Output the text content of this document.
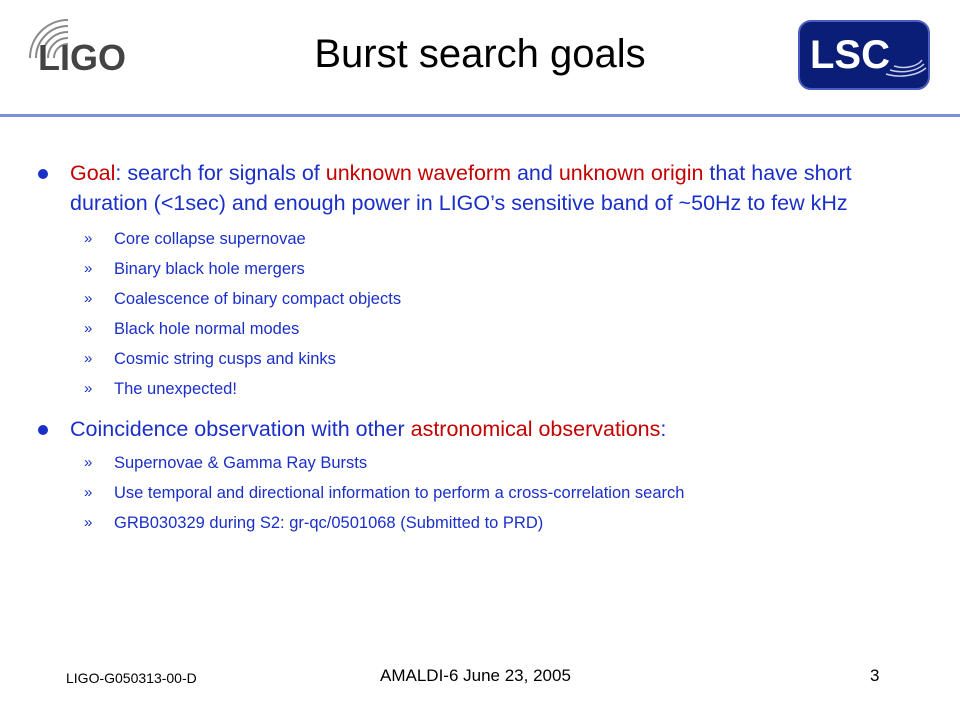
LIGO	Burst search goals	LSC
Goal: search for signals of unknown waveform and unknown origin that have short duration (<1sec) and enough power in LIGO’s sensitive band of ~50Hz to few kHz
» Core collapse supernovae
» Binary black hole mergers
» Coalescence of binary compact objects
» Black hole normal modes
» Cosmic string cusps and kinks
» The unexpected!
Coincidence observation with other astronomical observations:
» Supernovae & Gamma Ray Bursts
» Use temporal and directional information to perform a cross-correlation search
» GRB030329 during S2: gr-qc/0501068 (Submitted to PRD)
LIGO-G050313-00-D	AMALDI-6 June 23, 2005	3
